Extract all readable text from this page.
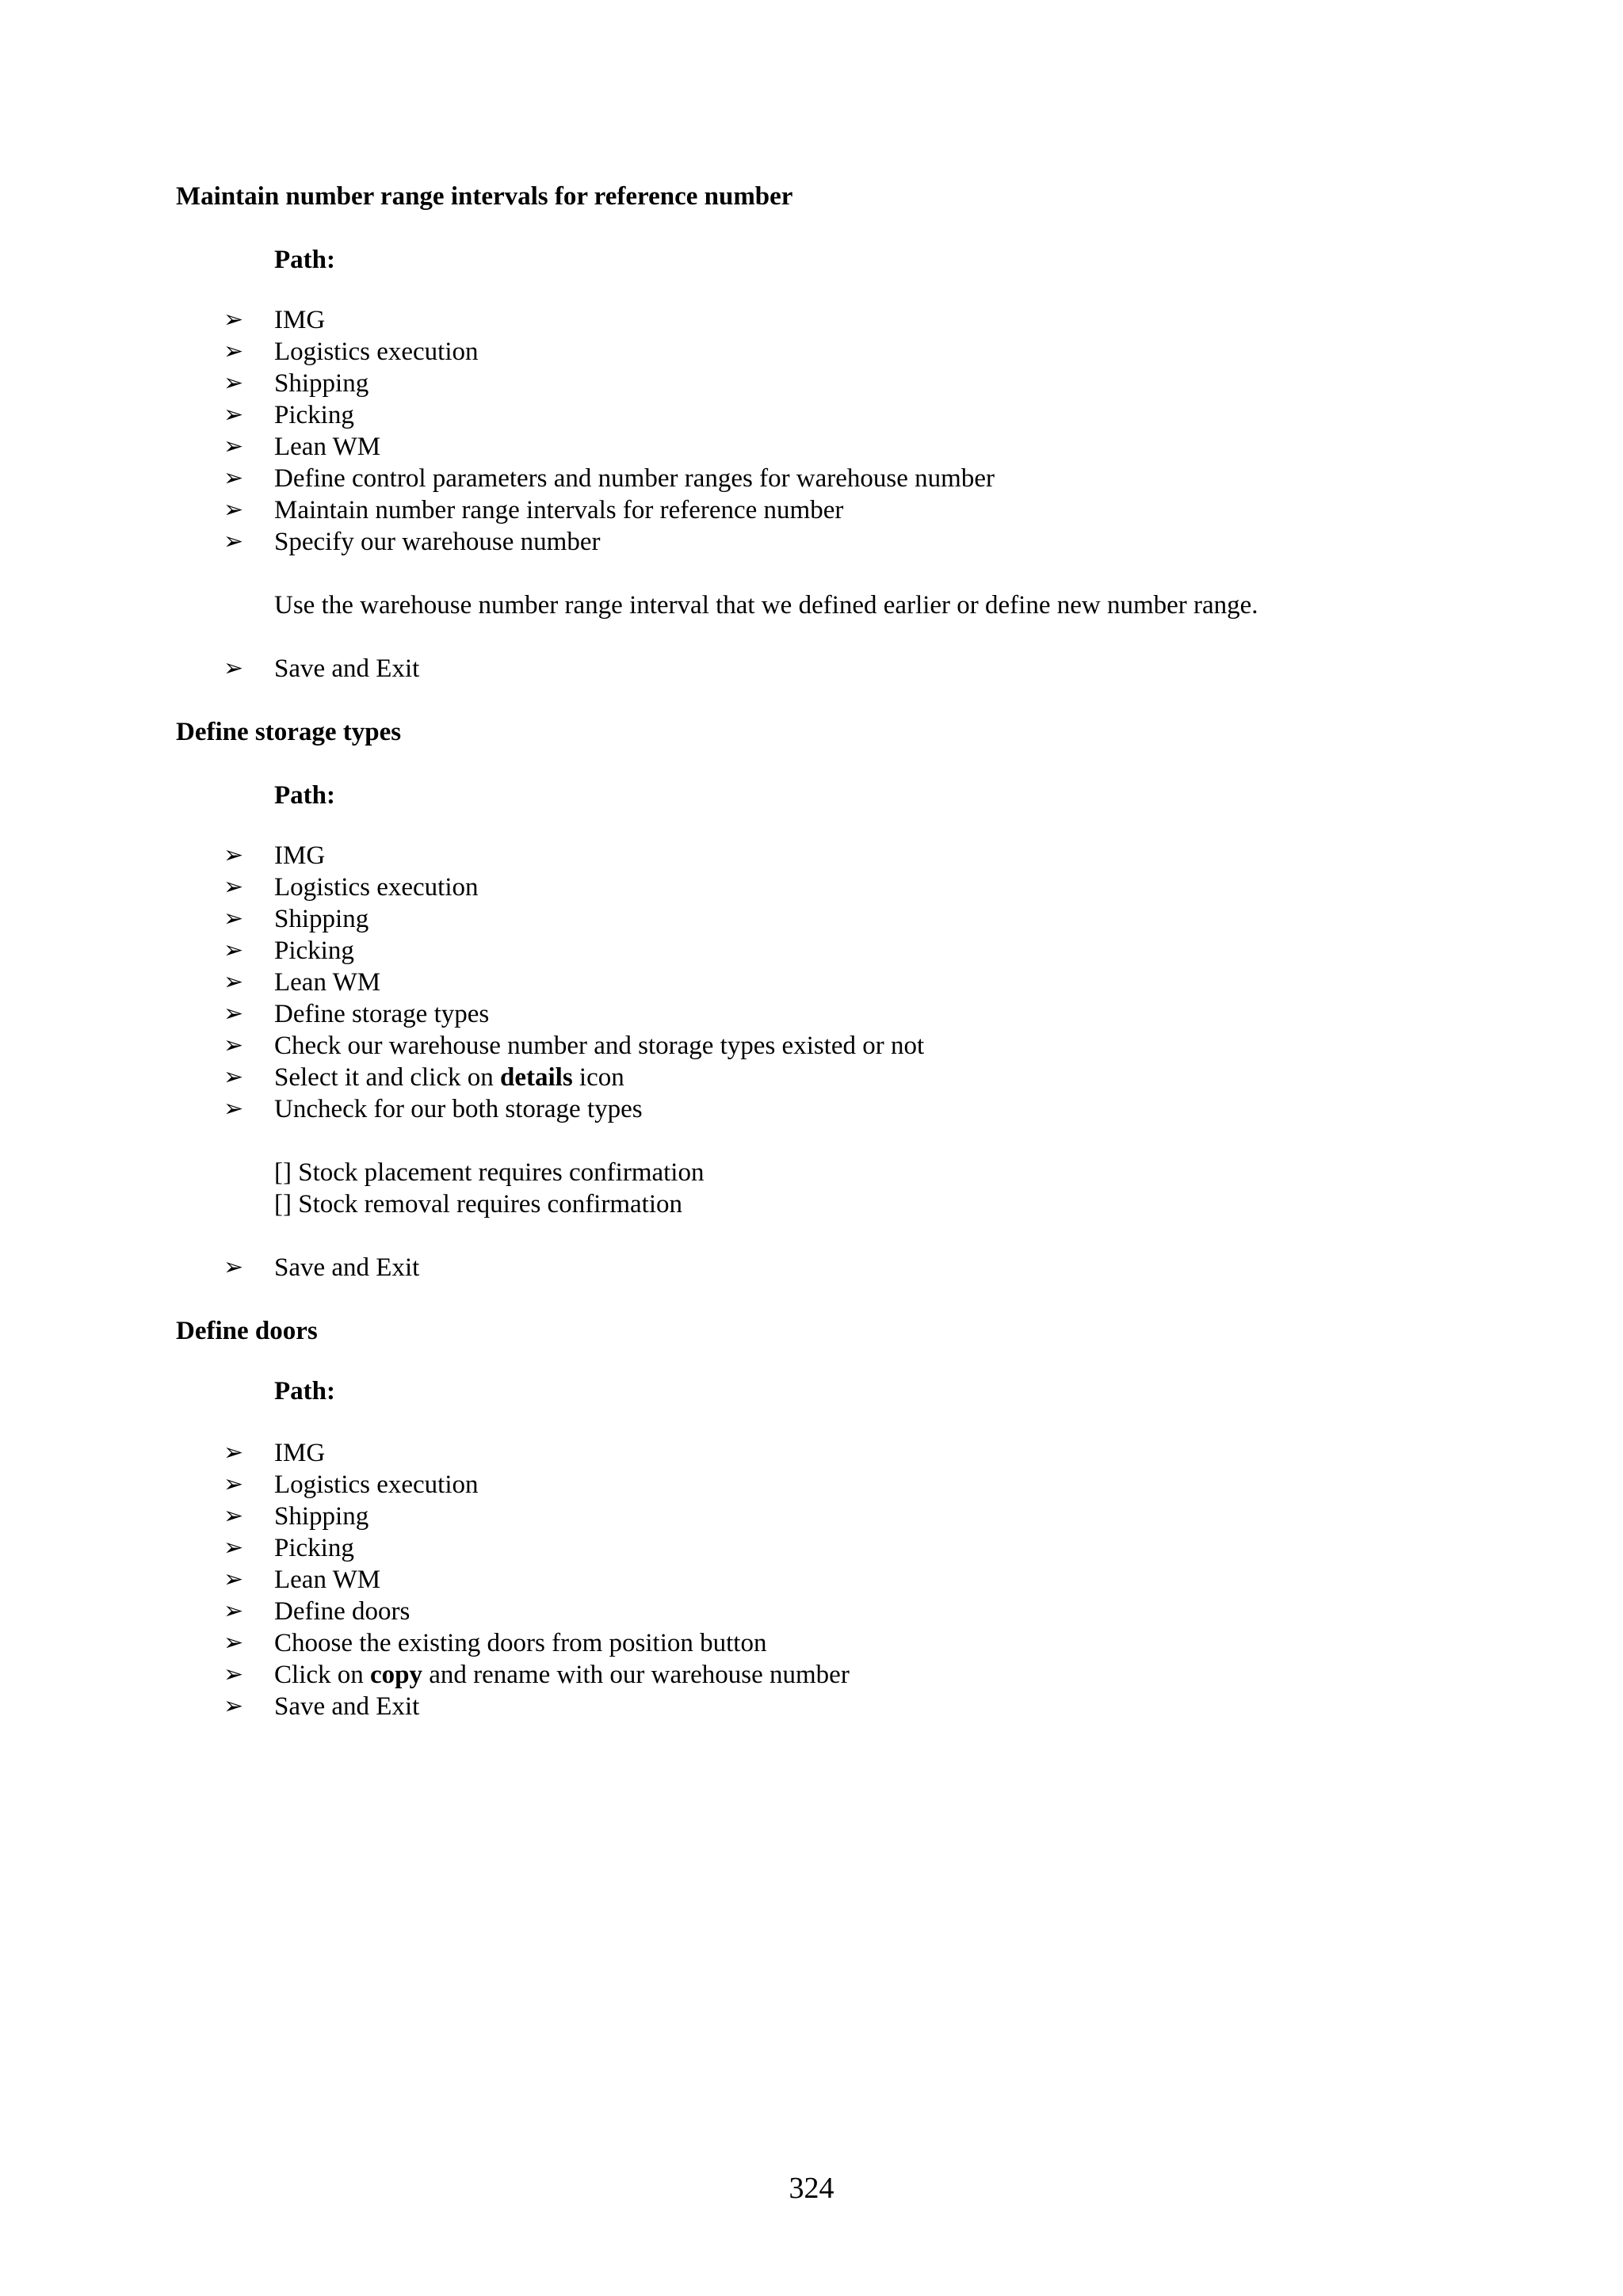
Maintain number range intervals for reference number
Path:
➢ IMG
➢ Logistics execution
➢ Shipping
➢ Picking
➢ Lean WM
➢ Define control parameters and number ranges for warehouse number
➢ Maintain number range intervals for reference number
➢ Specify our warehouse number
Use the warehouse number range interval that we defined earlier or define new number range.
➢ Save and Exit
Define storage types
Path:
➢ IMG
➢ Logistics execution
➢ Shipping
➢ Picking
➢ Lean WM
➢ Define storage types
➢ Check our warehouse number and storage types existed or not
➢ Select it and click on details icon
➢ Uncheck for our both storage types
[] Stock placement requires confirmation
[] Stock removal requires confirmation
➢ Save and Exit
Define doors
Path:
➢ IMG
➢ Logistics execution
➢ Shipping
➢ Picking
➢ Lean WM
➢ Define doors
➢ Choose the existing doors from position button
➢ Click on copy and rename with our warehouse number
➢ Save and Exit
324
